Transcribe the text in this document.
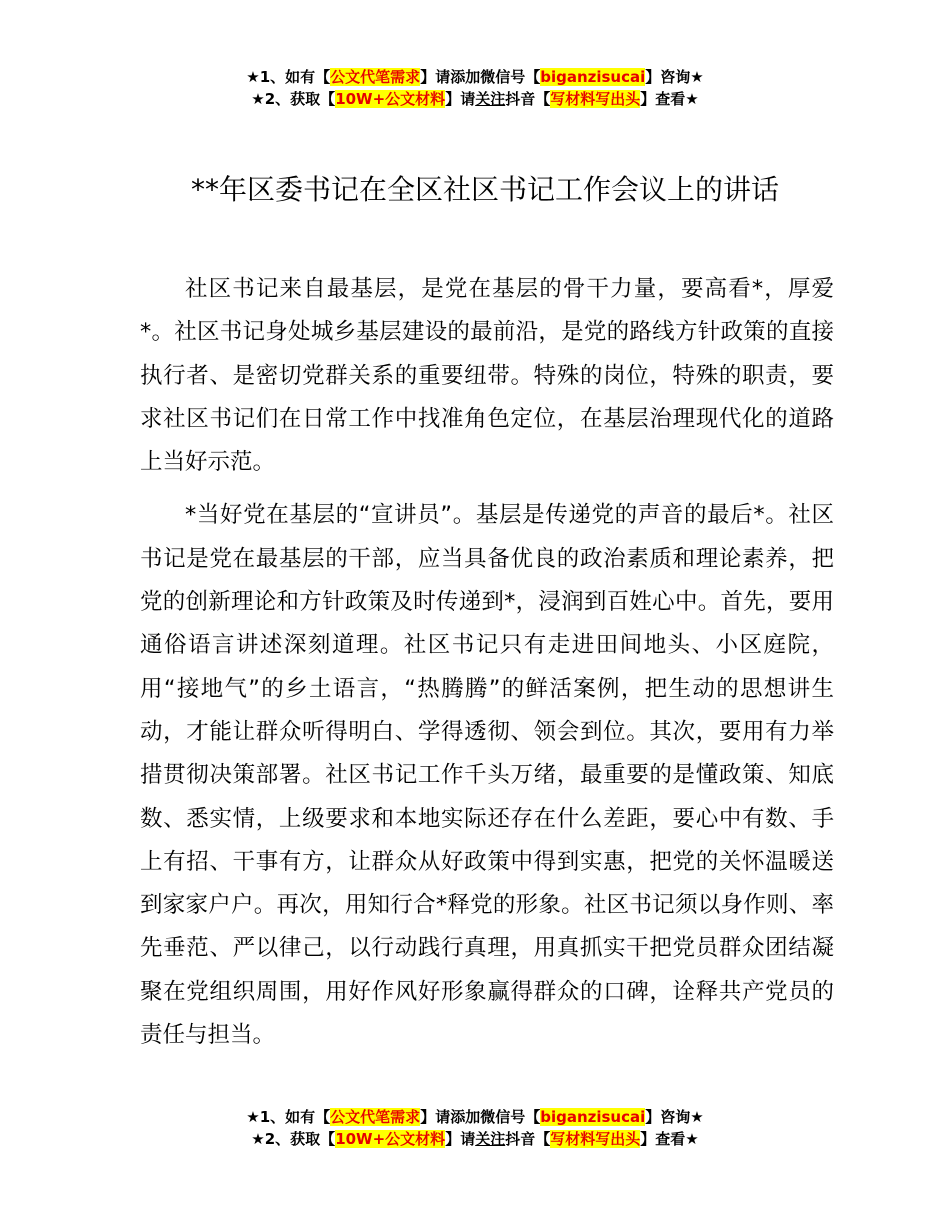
★1、如有【公文代笔需求】请添加微信号【biganzisucai】咨询★
★2、获取【10W+公文材料】请关注抖音【写材料写出头】查看★
**年区委书记在全区社区书记工作会议上的讲话

社区书记来自最基层，是党在基层的骨干力量，要高看*，厚爱*。社区书记身处城乡基层建设的最前沿，是党的路线方针政策的直接执行者、是密切党群关系的重要纽带。特殊的岗位，特殊的职责，要求社区书记们在日常工作中找准角色定位，在基层治理现代化的道路上当好示范。

*当好党在基层的“宣讲员”。基层是传递党的声音的最后*。社区书记是党在最基层的干部，应当具备优良的政治素质和理论素养，把党的创新理论和方针政策及时传递到*，浸润到百姓心中。首先，要用通俗语言讲述深刻道理。社区书记只有走进田间地头、小区庭院，用“接地气”的乡土语言，“热腾腾”的鲜活案例，把生动的思想讲生动，才能让群众听得明白、学得透彻、领会到位。其次，要用有力举措贯彻决策部署。社区书记工作千头万绪，最重要的是懂政策、知底数、悉实情，上级要求和本地实际还存在什么差距，要心中有数、手上有招、干事有方，让群众从好政策中得到实惠，把党的关怀温暖送到家家户户。再次，用知行合*释党的形象。社区书记须以身作则、率先垂范、严以律己，以行动践行真理，用真抓实干把党员群众团结凝聚在党组织周围，用好作风好形象赢得群众的口碑，诠释共产党员的责任与担当。

★1、如有【公文代笔需求】请添加微信号【biganzisucai】咨询★
★2、获取【10W+公文材料】请关注抖音【写材料写出头】查看★
